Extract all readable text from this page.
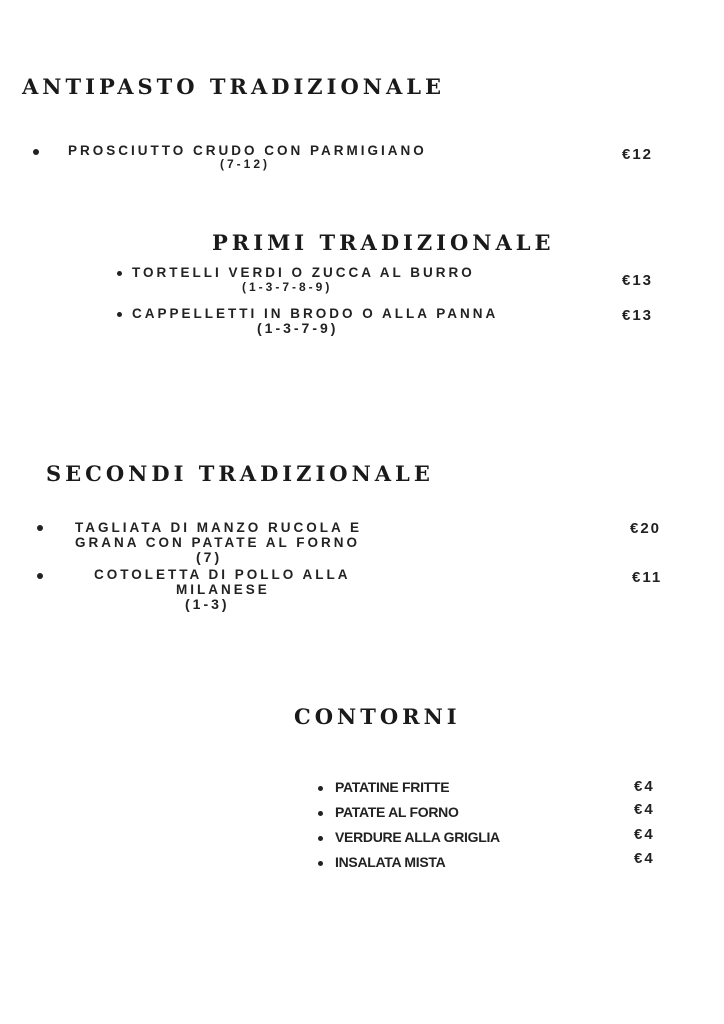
ANTIPASTO TRADIZIONALE
PROSCIUTTO CRUDO CON PARMIGIANO
(7-12)
€12
PRIMI TRADIZIONALE
TORTELLI VERDI O ZUCCA AL BURRO
(1-3-7-8-9)	€13
CAPPELLETTI IN BRODO O ALLA PANNA
(1-3-7-9)
€13
SECONDI TRADIZIONALE
TAGLIATA DI MANZO RUCOLA E
GRANA CON PATATE AL FORNO
(7)
€20
COTOLETTA DI POLLO ALLA
MILANESE
(1-3)
€11
CONTORNI
PATATINE FRITTE	€4
PATATE AL FORNO	€4
VERDURE ALLA GRIGLIA	€4
INSALATA MISTA	€4
